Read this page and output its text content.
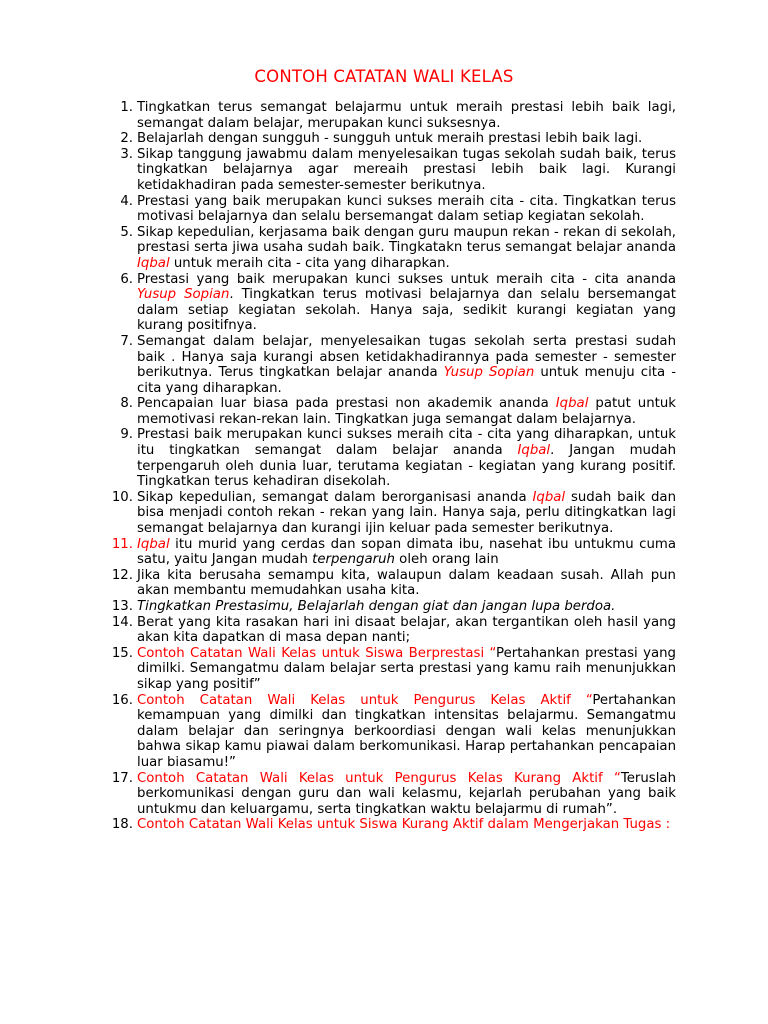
CONTOH CATATAN WALI KELAS
1. Tingkatkan terus semangat belajarmu untuk meraih prestasi lebih baik lagi, semangat dalam belajar, merupakan kunci suksesnya.
2. Belajarlah dengan sungguh - sungguh untuk meraih prestasi lebih baik lagi.
3. Sikap tanggung jawabmu dalam menyelesaikan tugas sekolah sudah baik, terus tingkatkan belajarnya agar mereaih prestasi lebih baik lagi. Kurangi ketidakhadiran pada semester-semester berikutnya.
4. Prestasi yang baik merupakan kunci sukses meraih cita - cita. Tingkatkan terus motivasi belajarnya dan selalu bersemangat dalam setiap kegiatan sekolah.
5. Sikap kepedulian, kerjasama baik dengan guru maupun rekan - rekan di sekolah, prestasi serta jiwa usaha sudah baik. Tingkatakn terus semangat belajar ananda Iqbal untuk meraih cita - cita yang diharapkan.
6. Prestasi yang baik merupakan kunci sukses untuk meraih cita - cita ananda Yusup Sopian. Tingkatkan terus motivasi belajarnya dan selalu bersemangat dalam setiap kegiatan sekolah. Hanya saja, sedikit kurangi kegiatan yang kurang positifnya.
7. Semangat dalam belajar, menyelesaikan tugas sekolah serta prestasi sudah baik . Hanya saja kurangi absen ketidakhadirannya pada semester - semester berikutnya. Terus tingkatkan belajar ananda Yusup Sopian untuk menuju cita - cita yang diharapkan.
8. Pencapaian luar biasa pada prestasi non akademik ananda Iqbal patut untuk memotivasi rekan-rekan lain. Tingkatkan juga semangat dalam belajarnya.
9. Prestasi baik merupakan kunci sukses meraih cita - cita yang diharapkan, untuk itu tingkatkan semangat dalam belajar ananda Iqbal. Jangan mudah terpengaruh oleh dunia luar, terutama kegiatan - kegiatan yang kurang positif. Tingkatkan terus kehadiran disekolah.
10. Sikap kepedulian, semangat dalam berorganisasi ananda Iqbal sudah baik dan bisa menjadi contoh rekan - rekan yang lain. Hanya saja, perlu ditingkatkan lagi semangat belajarnya dan kurangi ijin keluar pada semester berikutnya.
11. Iqbal itu murid yang cerdas dan sopan dimata ibu, nasehat ibu untukmu cuma satu, yaitu Jangan mudah terpengaruh oleh orang lain
12. Jika kita berusaha semampu kita, walaupun dalam keadaan susah. Allah pun akan membantu memudahkan usaha kita.
13. Tingkatkan Prestasimu, Belajarlah dengan giat dan jangan lupa berdoa.
14. Berat yang kita rasakan hari ini disaat belajar, akan tergantikan oleh hasil yang akan kita dapatkan di masa depan nanti;
15. Contoh Catatan Wali Kelas untuk Siswa Berprestasi “Pertahankan prestasi yang dimilki. Semangatmu dalam belajar serta prestasi yang kamu raih menunjukkan sikap yang positif”
16. Contoh Catatan Wali Kelas untuk Pengurus Kelas Aktif “Pertahankan kemampuan yang dimilki dan tingkatkan intensitas belajarmu. Semangatmu dalam belajar dan seringnya berkoordiasi dengan wali kelas menunjukkan bahwa sikap kamu piawai dalam berkomunikasi. Harap pertahankan pencapaian luar biasamu!”
17. Contoh Catatan Wali Kelas untuk Pengurus Kelas Kurang Aktif “Teruslah berkomunikasi dengan guru dan wali kelasmu, kejarlah perubahan yang baik untukmu dan keluargamu, serta tingkatkan waktu belajarmu di rumah”.
18. Contoh Catatan Wali Kelas untuk Siswa Kurang Aktif dalam Mengerjakan Tugas :
